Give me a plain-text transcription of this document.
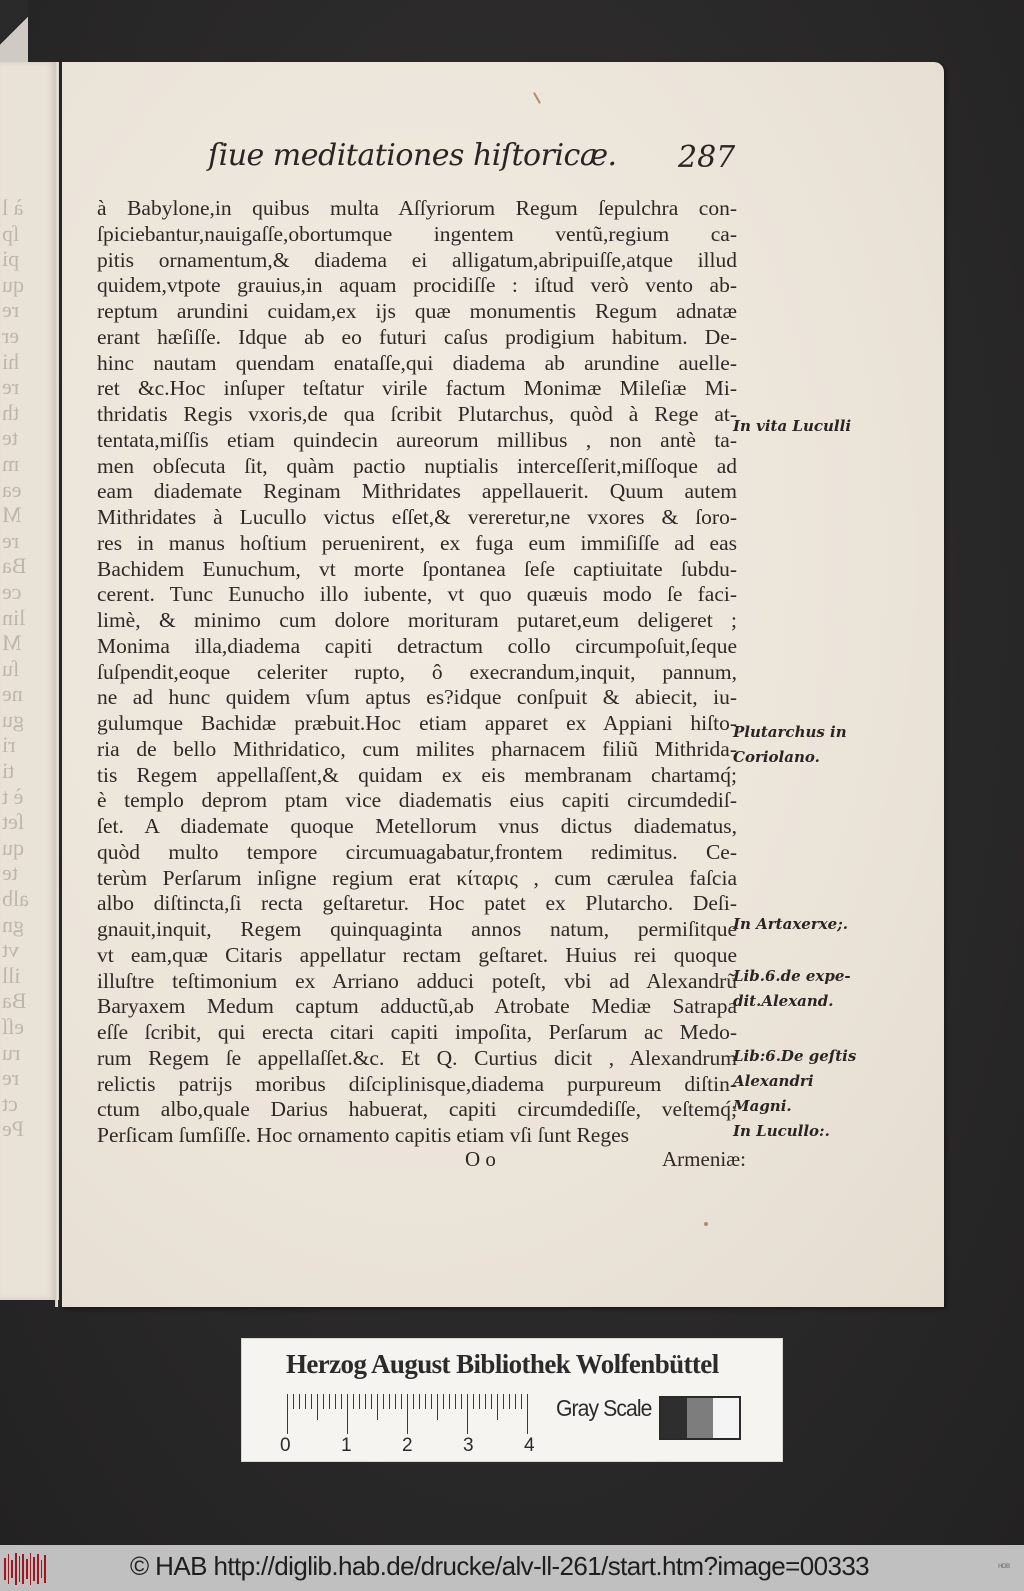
à l
ſp
pi
qu
re
er
hi
re
th
te
m
ea
M
re
Ba
ce
lin
M
ſu
ne
gu
ri
ti
è t
ſet
qu
te
alb
gn
vt
ill
Ba
eſſ
ru
re
ct
Pe
ſiue meditationes hiſtoricæ. 287
à Babylone,in quibus multa Aſſyriorum Regum ſepulchra con-
ſpiciebantur,nauigaſſe,obortumque ingentem ventũ,regium ca-
pitis ornamentum,& diadema ei alligatum,abripuiſſe,atque illud
quidem,vtpote grauius,in aquam procidiſſe : iſtud verò vento ab-
reptum arundini cuidam,ex ijs quæ monumentis Regum adnatæ
erant hæſiſſe. Idque ab eo futuri caſus prodigium habitum. De-
hinc nautam quendam enataſſe,qui diadema ab arundine auelle-
ret &c.Hoc inſuper teſtatur virile factum Monimæ Mileſiæ Mi-
thridatis Regis vxoris,de qua ſcribit Plutarchus, quòd à Rege at-
tentata,miſſis etiam quindecin aureorum millibus , non antè ta-
men obſecuta ſit, quàm pactio nuptialis interceſſerit,miſſoque ad
eam diademate Reginam Mithridates appellauerit. Quum autem
Mithridates à Lucullo victus eſſet,& vereretur,ne vxores & ſoro-
res in manus hoſtium peruenirent, ex fuga eum immiſiſſe ad eas
Bachidem Eunuchum, vt morte ſpontanea ſeſe captiuitate ſubdu-
cerent. Tunc Eunucho illo iubente, vt quo quæuis modo ſe faci-
limè, & minimo cum dolore morituram putaret,eum deligeret ;
Monima illa,diadema capiti detractum collo circumpoſuit,ſeque
ſuſpendit,eoque celeriter rupto, ô execrandum,inquit, pannum,
ne ad hunc quidem vſum aptus es?idque conſpuit & abiecit, iu-
gulumque Bachidæ præbuit.Hoc etiam apparet ex Appiani hiſto-
ria de bello Mithridatico, cum milites pharnacem filiũ Mithrida-
tis Regem appellaſſent,& quidam ex eis membranam chartamq́;
è templo deprom ptam vice diadematis eius capiti circumdediſ-
ſet. A diademate quoque Metellorum vnus dictus diadematus,
quòd multo tempore circumuagabatur,frontem redimitus. Ce-
terùm Perſarum inſigne regium erat κίταρις , cum cærulea faſcia
albo diſtincta,ſi recta geſtaretur. Hoc patet ex Plutarcho. Deſi-
gnauit,inquit, Regem quinquaginta annos natum, permiſitque
vt eam,quæ Citaris appellatur rectam geſtaret. Huius rei quoque
illuſtre teſtimonium ex Arriano adduci poteſt, vbi ad Alexandrũ
Baryaxem Medum captum adductũ,ab Atrobate Mediæ Satrapa
eſſe ſcribit, qui erecta citari capiti impoſita, Perſarum ac Medo-
rum Regem ſe appellaſſet.&c. Et Q. Curtius dicit , Alexandrum
relictis patrijs moribus diſciplinisque,diadema purpureum diſtin-
ctum albo,quale Darius habuerat, capiti circumdediſſe, veſtemq́;
Perſicam ſumſiſſe. Hoc ornamento capitis etiam vſi ſunt Reges
O o	Armeniæ:
In vita Luculli
Plutarchus in
Coriolano.
In Artaxerxe;.
Lib.6.de expe-
dit.Alexand.
Lib:6.De geſtis
Alexandri
Magni.
In Lucullo:.
Herzog August Bibliothek Wolfenbüttel
0	1	2	3	4
Gray Scale
© HAB http://diglib.hab.de/drucke/alv-ll-261/start.htm?image=00333	ᴴᴰᴮ
